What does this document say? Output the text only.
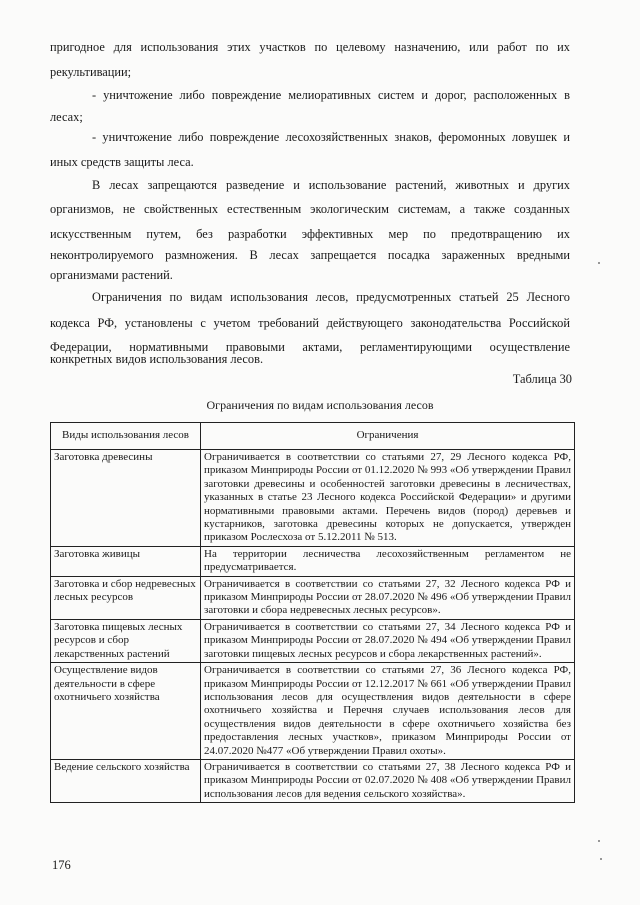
пригодное для использования этих участков по целевому назначению, или работ по их
рекультивации;
- уничтожение либо повреждение мелиоративных систем и дорог, расположенных в
лесах;
- уничтожение либо повреждение лесохозяйственных знаков, феромонных ловушек и
иных средств защиты леса.
В лесах запрещаются разведение и использование растений, животных и других
организмов, не свойственных естественным экологическим системам, а также созданных
искусственным путем, без разработки эффективных мер по предотвращению их
неконтролируемого размножения. В лесах запрещается посадка зараженных вредными
организмами растений.
Ограничения по видам использования лесов, предусмотренных статьей 25 Лесного
кодекса РФ, установлены с учетом требований действующего законодательства Российской
Федерации, нормативными правовыми актами, регламентирующими осуществление
конкретных видов использования лесов.
Таблица 30
Ограничения по видам использования лесов
Виды использования лесов	Ограничения
Заготовка древесины	Ограничивается в соответствии со статьями 27, 29 Лесного кодекса РФ, приказом Минприроды России от 01.12.2020 № 993 «Об утверждении Правил заготовки древесины и особенностей заготовки древесины в лесничествах, указанных в статье 23 Лесного кодекса Российской Федерации» и другими нормативными правовыми актами. Перечень видов (пород) деревьев и кустарников, заготовка древесины которых не допускается, утвержден приказом Рослесхоза от 5.12.2011 № 513.
Заготовка живицы	На территории лесничества лесохозяйственным регламентом не предусматривается.
Заготовка и сбор недревесных лесных ресурсов	Ограничивается в соответствии со статьями 27, 32 Лесного кодекса РФ и приказом Минприроды России от 28.07.2020 № 496 «Об утверждении Правил заготовки и сбора недревесных лесных ресурсов».
Заготовка пищевых лесных ресурсов и сбор лекарственных растений	Ограничивается в соответствии со статьями 27, 34 Лесного кодекса РФ и приказом Минприроды России от 28.07.2020 № 494 «Об утверждении Правил заготовки пищевых лесных ресурсов и сбора лекарственных растений».
Осуществление видов деятельности в сфере охотничьего хозяйства	Ограничивается в соответствии со статьями 27, 36 Лесного кодекса РФ, приказом Минприроды России от 12.12.2017 № 661 «Об утверждении Правил использования лесов для осуществления видов деятельности в сфере охотничьего хозяйства и Перечня случаев использования лесов для осуществления видов деятельности в сфере охотничьего хозяйства без предоставления лесных участков», приказом Минприроды России от 24.07.2020 №477 «Об утверждении Правил охоты».
Ведение сельского хозяйства	Ограничивается в соответствии со статьями 27, 38 Лесного кодекса РФ и приказом Минприроды России от 02.07.2020 № 408 «Об утверждении Правил использования лесов для ведения сельского хозяйства».
176
